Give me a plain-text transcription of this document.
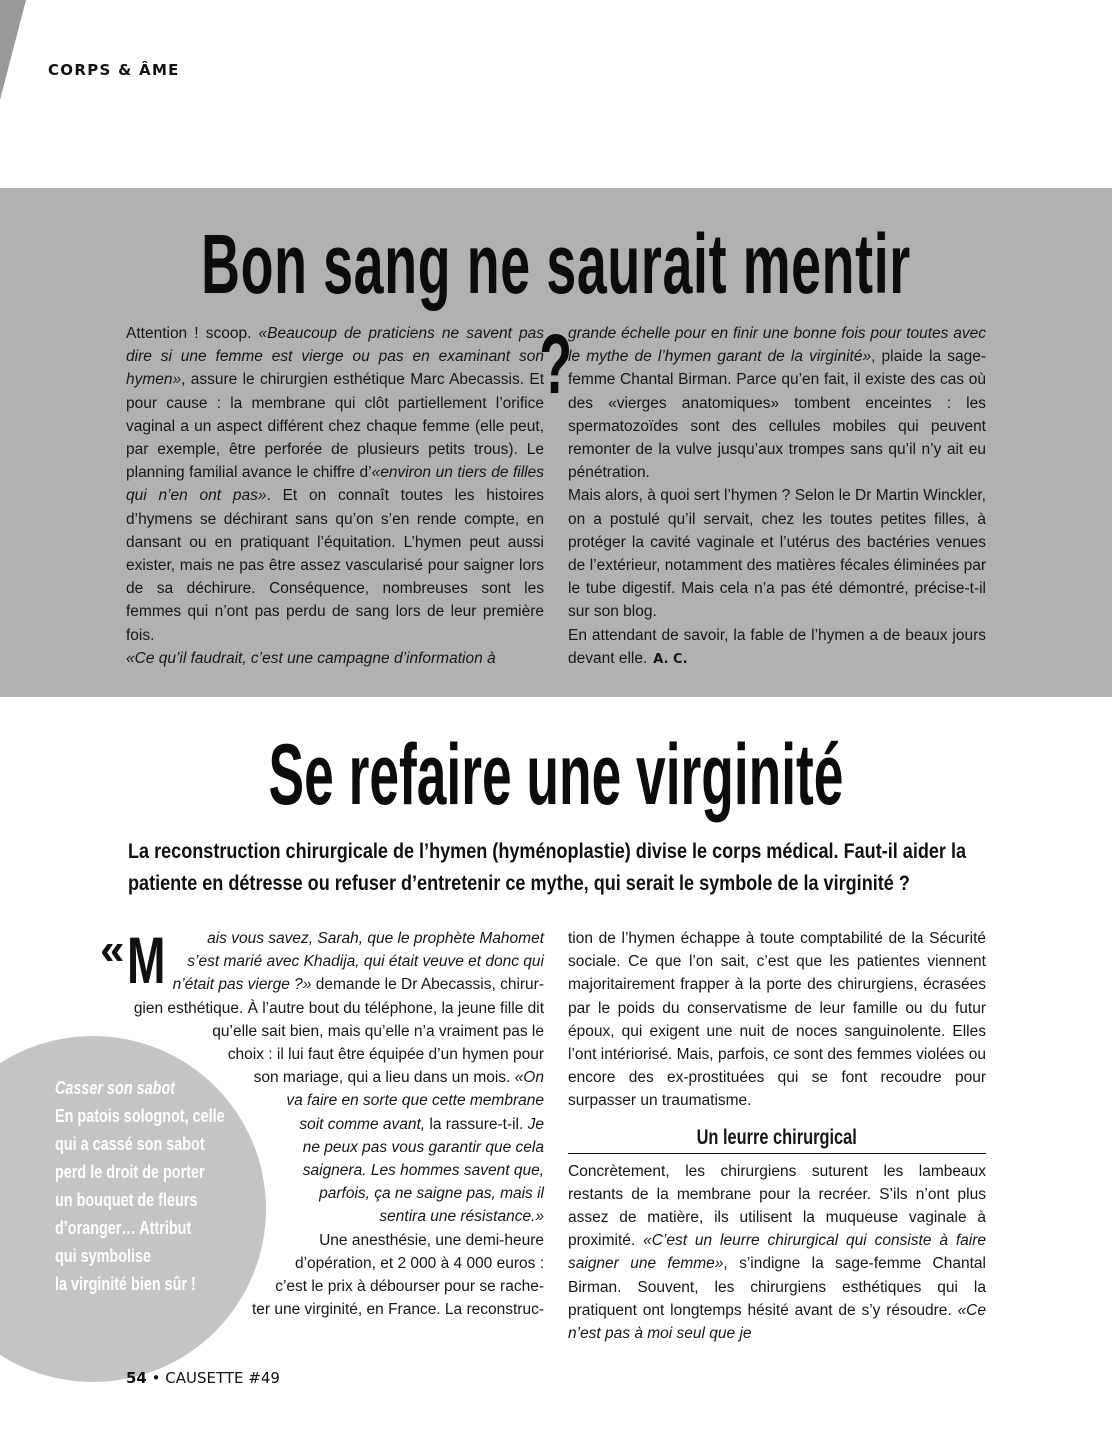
CORPS & ÂME
Bon sang ne saurait mentir ?

Attention ! scoop. «Beaucoup de praticiens ne savent pas dire si une femme est vierge ou pas en examinant son hymen», assure le chirurgien esthétique Marc Abecassis. Et pour cause : la membrane qui clôt partiellement l’orifice vaginal a un aspect différent chez chaque femme (elle peut, par exemple, être perforée de plusieurs petits trous). Le planning familial avance le chiffre d’«environ un tiers de filles qui n’en ont pas». Et on connaît toutes les histoires d’hymens se déchirant sans qu’on s’en rende compte, en dansant ou en pratiquant l’équitation. L’hymen peut aussi exister, mais ne pas être assez vascularisé pour saigner lors de sa déchirure. Conséquence, nombreuses sont les femmes qui n’ont pas perdu de sang lors de leur première fois.

«Ce qu’il faudrait, c’est une campagne d’information à

grande échelle pour en finir une bonne fois pour toutes avec le mythe de l’hymen garant de la virginité», plaide la sage-femme Chantal Birman. Parce qu’en fait, il existe des cas où des «vierges anatomiques» tombent enceintes : les spermatozoïdes sont des cellules mobiles qui peuvent remonter de la vulve jusqu’aux trompes sans qu’il n’y ait eu pénétration.

Mais alors, à quoi sert l’hymen ? Selon le Dr Martin Winckler, on a postulé qu’il servait, chez les toutes petites filles, à protéger la cavité vaginale et l’utérus des bactéries venues de l’extérieur, notamment des matières fécales éliminées par le tube digestif. Mais cela n’a pas été démontré, précise-t-il sur son blog.

En attendant de savoir, la fable de l’hymen a de beaux jours devant elle. A. C.

Se refaire une virginité

La reconstruction chirurgicale de l’hymen (hyménoplastie) divise le corps médical. Faut-il aider la patiente en détresse ou refuser d’entretenir ce mythe, qui serait le symbole de la virginité ?

« M	ais vous savez, Sarah, que le prophète Mahomet
s’est marié avec Khadija, qui était veuve et donc qui
n’était pas vierge ?» demande le Dr Abecassis, chirur-
gien esthétique. À l’autre bout du téléphone, la jeune fille dit
qu’elle sait bien, mais qu’elle n’a vraiment pas le
choix : il lui faut être équipée d’un hymen pour
son mariage, qui a lieu dans un mois. «On
va faire en sorte que cette membrane
soit comme avant, la rassure-t-il. Je
ne peux pas vous garantir que cela
saignera. Les hommes savent que,
parfois, ça ne saigne pas, mais il
sentira une résistance.»
Une anesthésie, une demi-heure
d’opération, et 2 000 à 4 000 euros :
c’est le prix à débourser pour se rache-
ter une virginité, en France. La reconstruc-

tion de l’hymen échappe à toute comptabilité de la Sécurité sociale. Ce que l’on sait, c’est que les patientes viennent majoritairement frapper à la porte des chirurgiens, écrasées par le poids du conservatisme de leur famille ou du futur époux, qui exigent une nuit de noces sanguinolente. Elles l’ont intériorisé. Mais, parfois, ce sont des femmes violées ou encore des ex-prostituées qui se font recoudre pour surpasser un traumatisme.

Un leurre chirurgical

Concrètement, les chirurgiens suturent les lambeaux restants de la membrane pour la recréer. S’ils n’ont plus assez de matière, ils utilisent la muqueuse vaginale à proximité. «C’est un leurre chirurgical qui consiste à faire saigner une femme», s’indigne la sage-femme Chantal Birman. Souvent, les chirurgiens esthétiques qui la pratiquent ont longtemps hésité avant de s’y résoudre. «Ce n’est pas à moi seul que je

Casser son sabot
En patois solognot, celle
qui a cassé son sabot
perd le droit de porter
un bouquet de fleurs
d’oranger… Attribut
qui symbolise
la virginité bien sûr !
54 • CAUSETTE #49
